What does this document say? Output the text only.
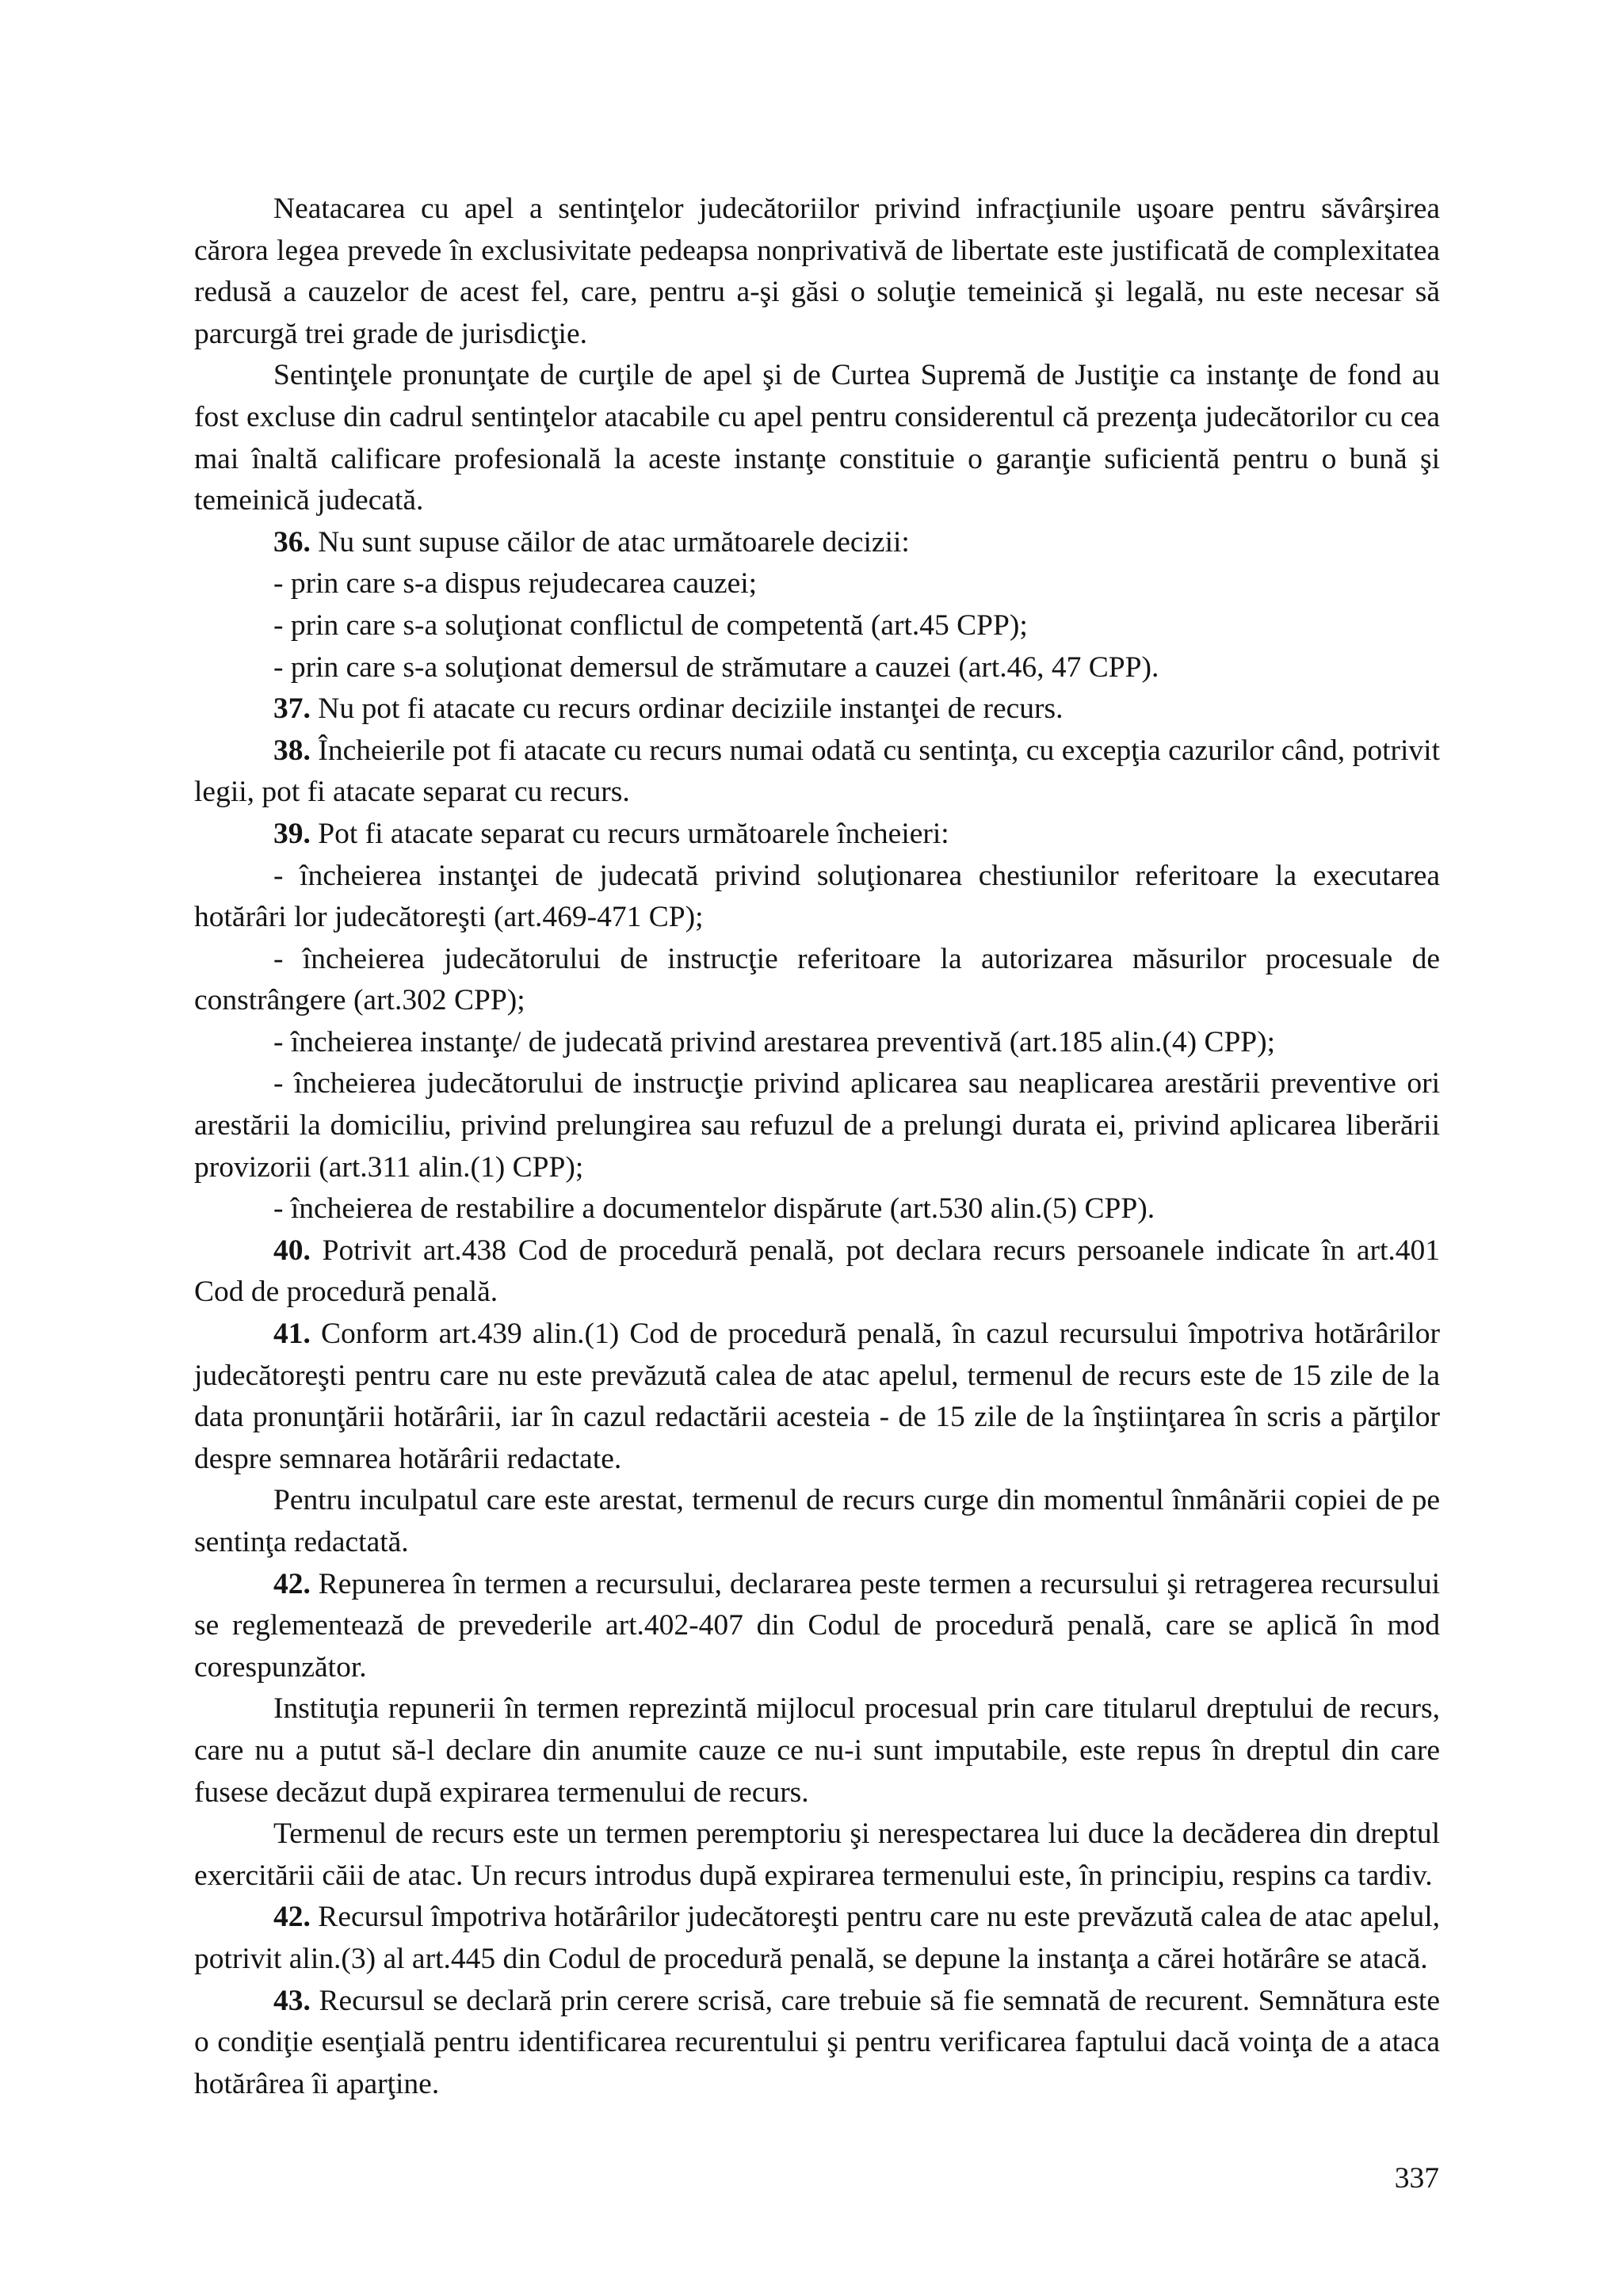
Neatacarea cu apel a sentinţelor judecătoriilor privind infracţiunile uşoare pentru săvârşirea cărora legea prevede în exclusivitate pedeapsa nonprivativă de libertate este justificată de complexitatea redusă a cauzelor de acest fel, care, pentru a-şi găsi o soluţie temeinică şi legală, nu este necesar să parcurgă trei grade de jurisdicţie.

Sentinţele pronunţate de curţile de apel şi de Curtea Supremă de Justiţie ca instanţe de fond au fost excluse din cadrul sentinţelor atacabile cu apel pentru considerentul că prezenţa judecătorilor cu cea mai înaltă calificare profesională la aceste instanţe constituie o garanţie suficientă pentru o bună şi temeinică judecată.

36. Nu sunt supuse căilor de atac următoarele decizii:

- prin care s-a dispus rejudecarea cauzei;

- prin care s-a soluţionat conflictul de competentă (art.45 CPP);

- prin care s-a soluţionat demersul de strămutare a cauzei (art.46, 47 CPP).

37. Nu pot fi atacate cu recurs ordinar deciziile instanţei de recurs.

38. Încheierile pot fi atacate cu recurs numai odată cu sentinţa, cu excepţia cazurilor când, potrivit legii, pot fi atacate separat cu recurs.

39. Pot fi atacate separat cu recurs următoarele încheieri:

- încheierea instanţei de judecată privind soluţionarea chestiunilor referitoare la executarea hotărâri lor judecătoreşti (art.469-471 CP);

- încheierea judecătorului de instrucţie referitoare la autorizarea măsurilor procesuale de constrângere (art.302 CPP);

- încheierea instanţe/ de judecată privind arestarea preventivă (art.185 alin.(4) CPP);

- încheierea judecătorului de instrucţie privind aplicarea sau neaplicarea arestării preventive ori arestării la domiciliu, privind prelungirea sau refuzul de a prelungi durata ei, privind aplicarea liberării provizorii (art.311 alin.(1) CPP);

- încheierea de restabilire a documentelor dispărute (art.530 alin.(5) CPP).

40. Potrivit art.438 Cod de procedură penală, pot declara recurs persoanele indicate în art.401 Cod de procedură penală.

41. Conform art.439 alin.(1) Cod de procedură penală, în cazul recursului împotriva hotărârilor judecătoreşti pentru care nu este prevăzută calea de atac apelul, termenul de recurs este de 15 zile de la data pronunţării hotărârii, iar în cazul redactării acesteia - de 15 zile de la înştiinţarea în scris a părţilor despre semnarea hotărârii redactate.

Pentru inculpatul care este arestat, termenul de recurs curge din momentul înmânării copiei de pe sentinţa redactată.

42. Repunerea în termen a recursului, declararea peste termen a recursului şi retragerea recursului se reglementează de prevederile art.402-407 din Codul de procedură penală, care se aplică în mod corespunzător.

Instituţia repunerii în termen reprezintă mijlocul procesual prin care titularul dreptului de recurs, care nu a putut să-l declare din anumite cauze ce nu-i sunt imputabile, este repus în dreptul din care fusese decăzut după expirarea termenului de recurs.

Termenul de recurs este un termen peremptoriu şi nerespectarea lui duce la decăderea din dreptul exercitării căii de atac. Un recurs introdus după expirarea termenului este, în principiu, respins ca tardiv.

42. Recursul împotriva hotărârilor judecătoreşti pentru care nu este prevăzută calea de atac apelul, potrivit alin.(3) al art.445 din Codul de procedură penală, se depune la instanţa a cărei hotărâre se atacă.

43. Recursul se declară prin cerere scrisă, care trebuie să fie semnată de recurent. Semnătura este o condiţie esenţială pentru identificarea recurentului şi pentru verificarea faptului dacă voinţa de a ataca hotărârea îi aparţine.

337
